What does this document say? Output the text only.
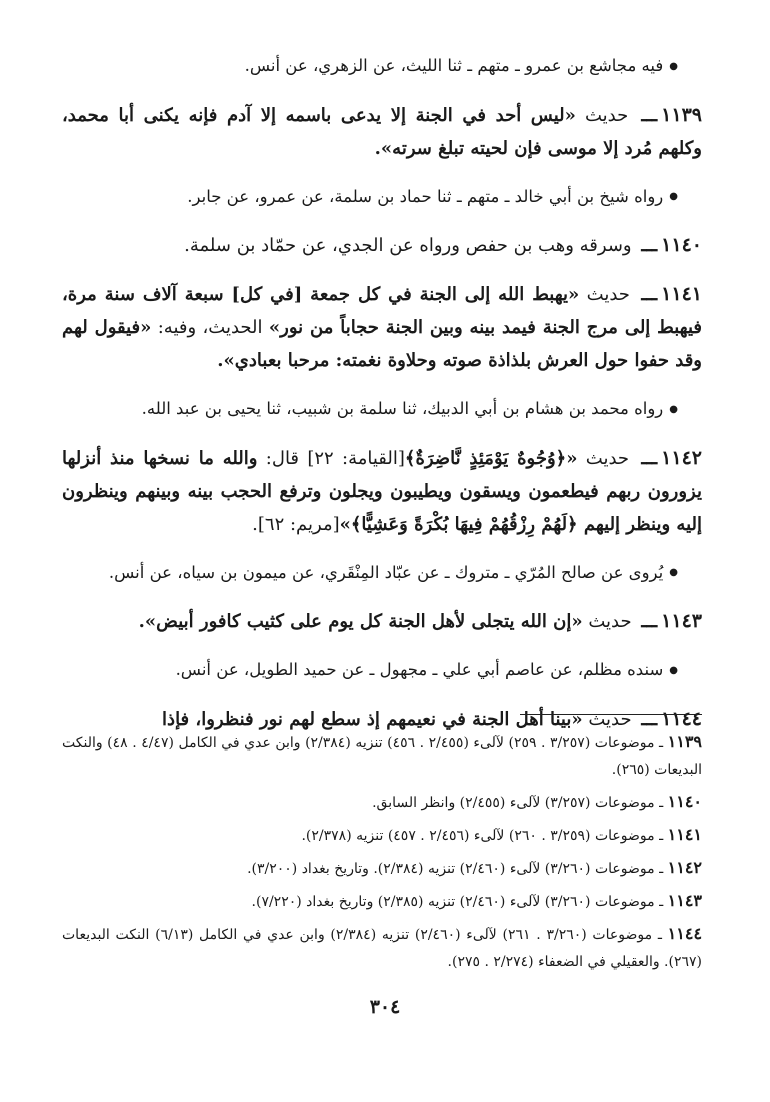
●فيه مجاشع بن عمرو ـ متهم ـ ثنا الليث، عن الزهري، عن أنس.
١١٣٩ـــ حديث «ليس أحد في الجنة إلا يدعى باسمه إلا آدم فإنه يكنى أبا محمد، وكلهم مُرد إلا موسى فإن لحيته تبلغ سرته».
●رواه شيخ بن أبي خالد ـ متهم ـ ثنا حماد بن سلمة، عن عمرو، عن جابر.
١١٤٠ـــ وسرقه وهب بن حفص ورواه عن الجدي، عن حمّاد بن سلمة.
١١٤١ـــ حديث «يهبط الله إلى الجنة في كل جمعة [في كل] سبعة آلاف سنة مرة، فيهبط إلى مرج الجنة فيمد بينه وبين الجنة حجاباً من نور» الحديث، وفيه: «فيقول لهم وقد حفوا حول العرش بلذاذة صوته وحلاوة نغمته: مرحبا بعبادي».
●رواه محمد بن هشام بن أبي الدبيك، ثنا سلمة بن شبيب، ثنا يحيى بن عبد الله.
١١٤٢ـــ حديث «﴿وُجُوهٌ يَوْمَئِذٍ نَّاضِرَةٌ﴾[القيامة: ٢٢] قال: والله ما نسخها منذ أنزلها يزورون ربهم فيطعمون ويسقون ويطيبون ويجلون وترفع الحجب بينه وبينهم وينظرون إليه وينظر إليهم ﴿لَهُمْ رِزْقُهُمْ فِيهَا بُكْرَةً وَعَشِيًّا﴾»[مريم: ٦٢].
●يُروى عن صالح المُرّي ـ متروك ـ عن عبّاد المِنْقَري، عن ميمون بن سياه، عن أنس.
١١٤٣ـــ حديث «إن الله يتجلى لأهل الجنة كل يوم على كثيب كافور أبيض».
●سنده مظلم، عن عاصم أبي علي ـ مجهول ـ عن حميد الطويل، عن أنس.
١١٤٤ـــ حديث «بينا أهل الجنة في نعيمهم إذ سطع لهم نور فنظروا، فإذا
١١٣٩ ـ موضوعات (٣/٢٥٧ . ٢٥٩) لآلىء (٢/٤٥٥ . ٤٥٦) تنزيه (٢/٣٨٤) وابن عدي في الكامل (٤/٤٧ . ٤٨) والنكت البديعات (٢٦٥).
١١٤٠ ـ موضوعات (٣/٢٥٧) لآلىء (٢/٤٥٥) وانظر السابق.
١١٤١ ـ موضوعات (٣/٢٥٩ . ٢٦٠) لآلىء (٢/٤٥٦ . ٤٥٧) تنزيه (٢/٣٧٨).
١١٤٢ ـ موضوعات (٣/٢٦٠) لآلىء (٢/٤٦٠) تنزيه (٢/٣٨٤). وتاريخ بغداد (٣/٢٠٠).
١١٤٣ ـ موضوعات (٣/٢٦٠) لآلىء (٢/٤٦٠) تنزيه (٢/٣٨٥) وتاريخ بغداد (٧/٢٢٠).
١١٤٤ ـ موضوعات (٣/٢٦٠ . ٢٦١) لآلىء (٢/٤٦٠) تنزيه (٢/٣٨٤) وابن عدي في الكامل (٦/١٣) النكت البديعات (٢٦٧). والعقيلي في الضعفاء (٢/٢٧٤ . ٢٧٥).
٣٠٤
